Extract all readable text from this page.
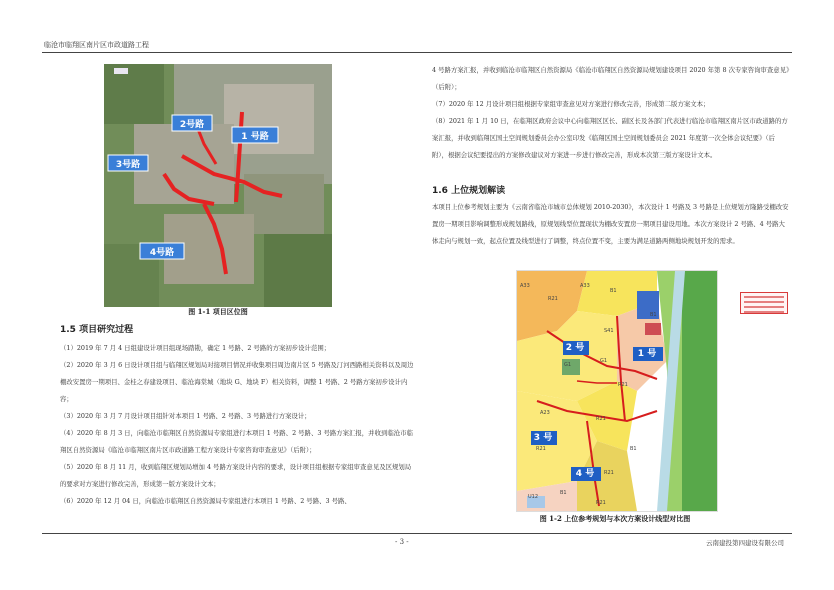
临沧市临翔区南片区市政道路工程
2号路
1 号路
3号路
4号路
图 1-1 项目区位图
1.5 项目研究过程

（1）2019 年 7 月 4 日组建设计项目组现场踏勘，确定 1 号路、2 号路的方案初步设计范围；

（2）2020 年 3 月 6 日设计项目组与临翔区规划局对接项目情况并收集项目周边南片区 5 号路及汀河西路相关资料以及周边棚改安置房一期项目、金桂之春建设项目、临沧海棠城（地块 G、地块 F）相关资料，调整 1 号路、2 号路方案初步设计内容；

（3）2020 年 3 月 7 月设计项目组针对本项目 1 号路、2 号路、3 号路进行方案设计；

（4）2020 年 8 月 3 日，向临沧市临翔区自然资源局专家组进行本项目 1 号路、2 号路、3 号路方案汇报，并收到临沧市临翔区自然资源局《临沧市临翔区南片区市政道路工程方案设计专家咨询审查意见》（后附）；

（5）2020 年 8 月 11 月，收到临翔区规划局增加 4 号路方案设计内容的要求，设计项目组根据专家组审查意见及区规划局的要求对方案进行修改完善，形成第一版方案设计文本；

（6）2020 年 12 月 04 日，向临沧市临翔区自然资源局专家组进行本项目 1 号路、2 号路、3 号路、

4 号路方案汇报，并收到临沧市临翔区自然资源局《临沧市临翔区自然资源局规划建设项目 2020 年第 8 次专家咨询审查意见》（后附）；

（7）2020 年 12 月设计项目组根据专家组审查意见对方案进行修改完善，形成第二版方案文本；

（8）2021 年 1 月 10 日，在临翔区政府会议中心向临翔区区长、副区长及各部门代表进行临沧市临翔区南片区市政道路的方案汇报，并收到临翔区国土空间规划委员会办公室印发《临翔区国土空间规划委员会 2021 年度第一次全体会议纪要》（后附），根据会议纪要提出的方案修改建议对方案进一步进行修改完善，形成本次第三版方案设计文本。

1.6 上位规划解读

本项目上位参考规划主要为《云南省临沧市城市总体规划 2010-2030》，本次设计 1 号路及 3 号路是上位规划方隆路受棚改安置房一期项目影响调整形成规划路线，原规划线型位置现状为棚改安置房一期项目建设用地。本次方案设计 2 号路、4 号路大体走向与规划一致，起点位置及线型进行了调整，终点位置不变，主要为满足道路两侧地块规划开发的需求。

2 号
1 号
3 号
4 号
A33
R21
A33
B1
S41
B1
G1
G1
R21
A23
R21
R21
B1
U12
R21
R21
B1
图 1-2 上位参考规划与本次方案设计线型对比图
- 3 -	云南建投第四建设有限公司
